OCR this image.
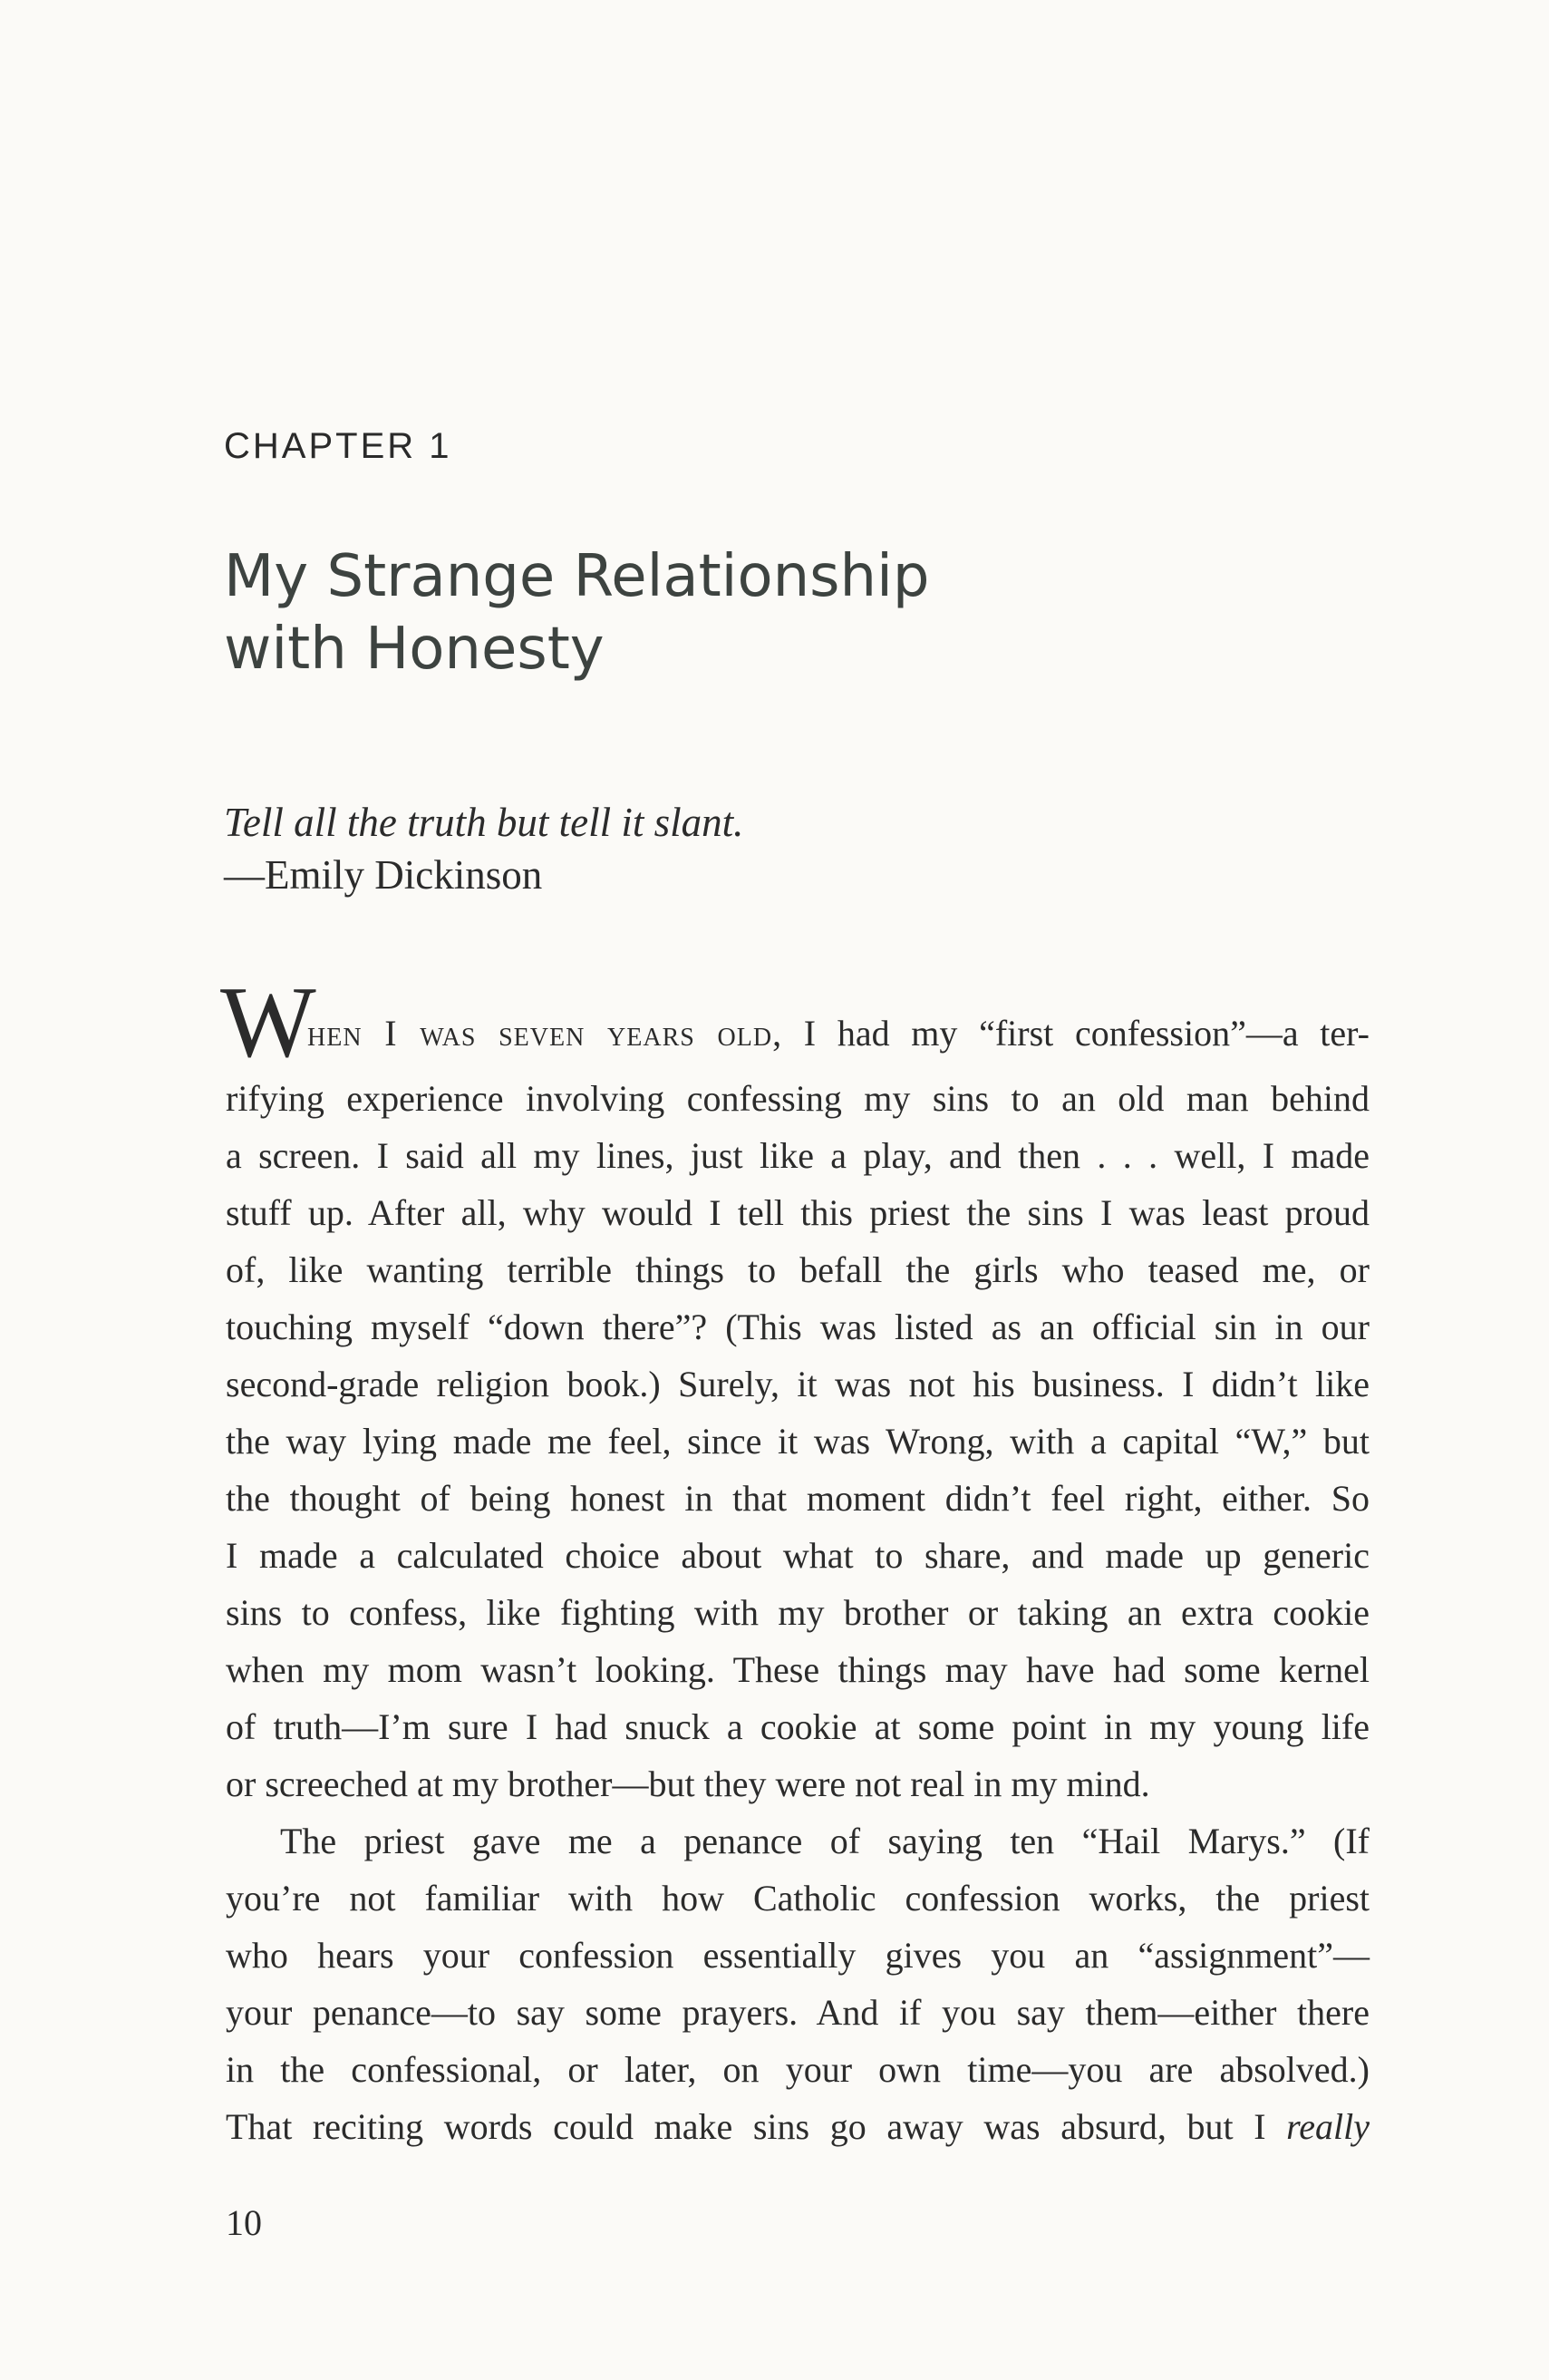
CHAPTER 1
My Strange Relationship
with Honesty
Tell all the truth but tell it slant.
—Emily Dickinson
W
hen I was seven years old, I had my “first confession”—a ter-
rifying experience involving confessing my sins to an old man behind
a screen. I said all my lines, just like a play, and then . . . well, I made
stuff up. After all, why would I tell this priest the sins I was least proud
of, like wanting terrible things to befall the girls who teased me, or
touching myself “down there”? (This was listed as an official sin in our
second-grade religion book.) Surely, it was not his business. I didn’t like
the way lying made me feel, since it was Wrong, with a capital “W,” but
the thought of being honest in that moment didn’t feel right, either. So
I made a calculated choice about what to share, and made up generic
sins to confess, like fighting with my brother or taking an extra cookie
when my mom wasn’t looking. These things may have had some kernel
of truth—I’m sure I had snuck a cookie at some point in my young life
or screeched at my brother—but they were not real in my mind.
The priest gave me a penance of saying ten “Hail Marys.” (If
you’re not familiar with how Catholic confession works, the priest
who hears your confession essentially gives you an “assignment”—
your penance—to say some prayers. And if you say them—either there
in the confessional, or later, on your own time—you are absolved.)
That reciting words could make sins go away was absurd, but I really
10
